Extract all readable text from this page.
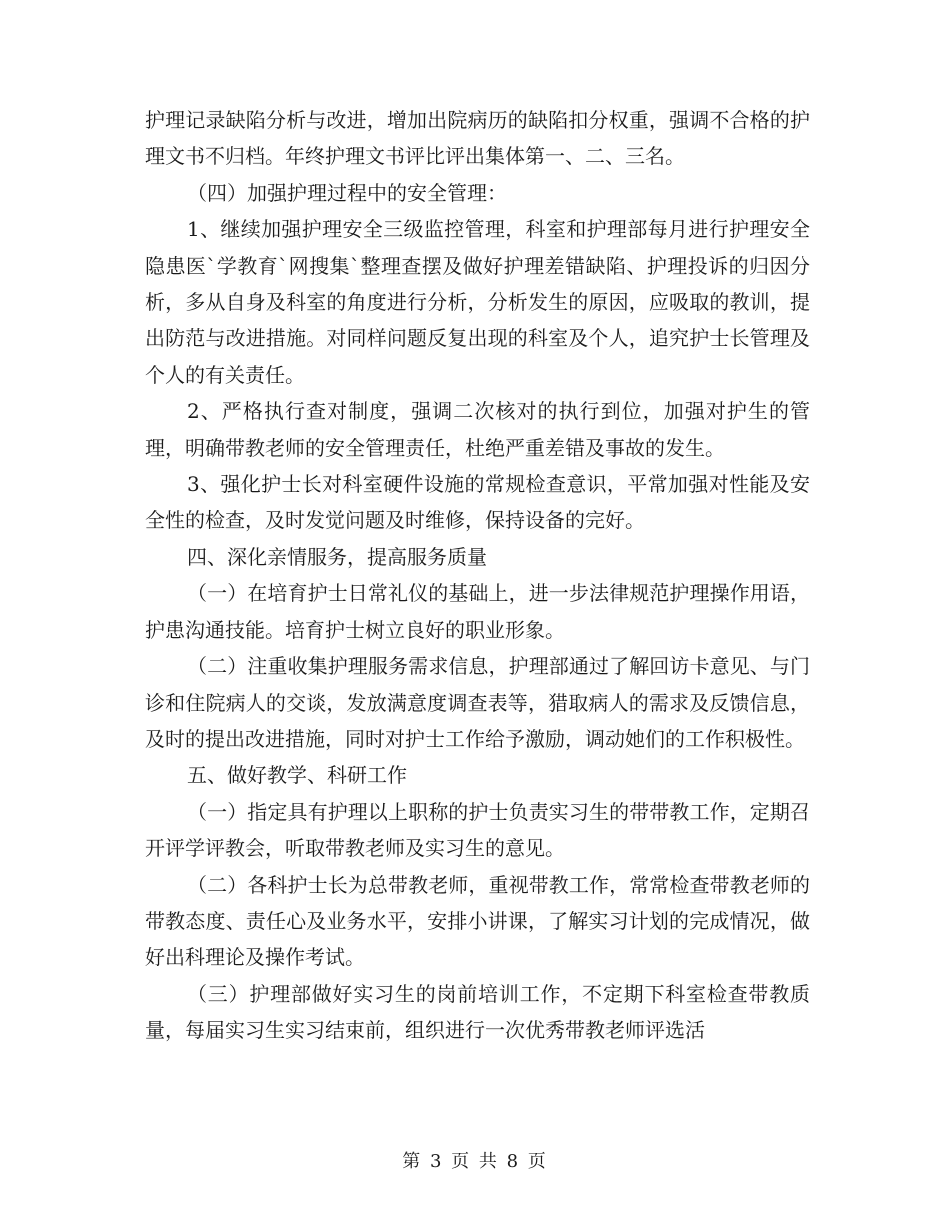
护理记录缺陷分析与改进，增加出院病历的缺陷扣分权重，强调不合格的护理文书不归档。年终护理文书评比评出集体第一、二、三名。

（四）加强护理过程中的安全管理：

1、继续加强护理安全三级监控管理，科室和护理部每月进行护理安全隐患医`学教育`网搜集`整理查摆及做好护理差错缺陷、护理投诉的归因分析，多从自身及科室的角度进行分析，分析发生的原因，应吸取的教训，提出防范与改进措施。对同样问题反复出现的科室及个人，追究护士长管理及个人的有关责任。

2、严格执行查对制度，强调二次核对的执行到位，加强对护生的管理，明确带教老师的安全管理责任，杜绝严重差错及事故的发生。

3、强化护士长对科室硬件设施的常规检查意识，平常加强对性能及安全性的检查，及时发觉问题及时维修，保持设备的完好。

四、深化亲情服务，提高服务质量

（一）在培育护士日常礼仪的基础上，进一步法律规范护理操作用语，护患沟通技能。培育护士树立良好的职业形象。

（二）注重收集护理服务需求信息，护理部通过了解回访卡意见、与门诊和住院病人的交谈，发放满意度调查表等，猎取病人的需求及反馈信息，及时的提出改进措施，同时对护士工作给予激励，调动她们的工作积极性。

五、做好教学、科研工作

（一）指定具有护理以上职称的护士负责实习生的带带教工作，定期召开评学评教会，听取带教老师及实习生的意见。

（二）各科护士长为总带教老师，重视带教工作，常常检查带教老师的带教态度、责任心及业务水平，安排小讲课，了解实习计划的完成情况，做好出科理论及操作考试。

（三）护理部做好实习生的岗前培训工作，不定期下科室检查带教质量，每届实习生实习结束前，组织进行一次优秀带教老师评选活

第 3 页 共 8 页
